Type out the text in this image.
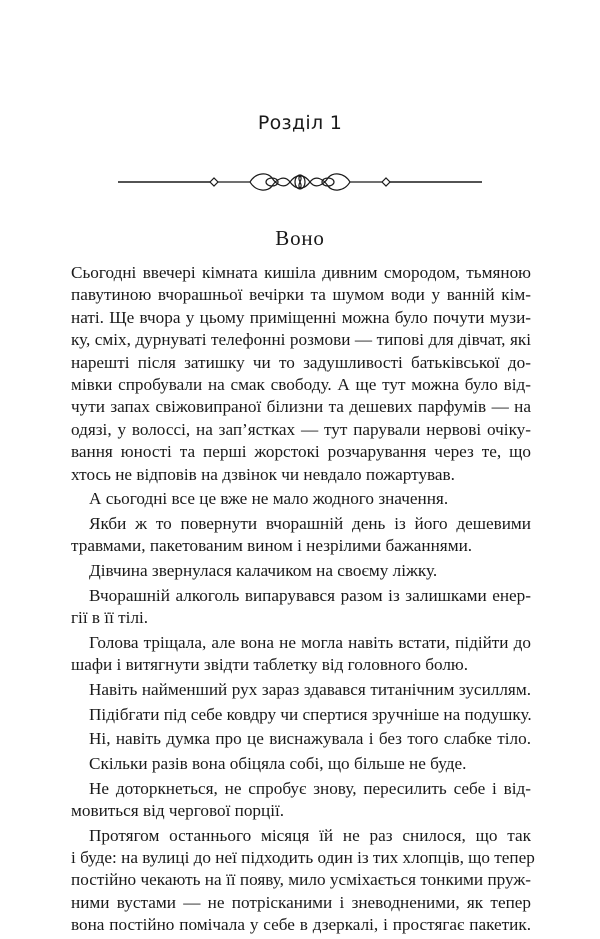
Розділ 1
Воно
Сьогодні ввечері кімната кишіла дивним смородом, тьмяною
павутиною вчорашньої вечірки та шумом води у ванній кім-
наті. Ще вчора у цьому приміщенні можна було почути музи-
ку, сміх, дурнуваті телефонні розмови — типові для дівчат, які
нарешті після затишку чи то задушливості батьківської до-
мівки спробували на смак свободу. А ще тут можна було від-
чути запах свіжовипраної білизни та дешевих парфумів — на
одязі, у волоссі, на зап’ястках — тут парували нервові очіку-
вання юності та перші жорстокі розчарування через те, що
хтось не відповів на дзвінок чи невдало пожартував.
А сьогодні все це вже не мало жодного значення.
Якби ж то повернути вчорашній день із його дешевими
травмами, пакетованим вином і незрілими бажаннями.
Дівчина звернулася калачиком на своєму ліжку.
Вчорашній алкоголь випарувався разом із залишками енер-
гії в її тілі.
Голова тріщала, але вона не могла навіть встати, підійти до
шафи і витягнути звідти таблетку від головного болю.
Навіть найменший рух зараз здавався титанічним зусиллям.
Підібгати під себе ковдру чи спертися зручніше на подушку.
Ні, навіть думка про це виснажувала і без того слабке тіло.
Скільки разів вона обіцяла собі, що більше не буде.
Не доторкнеться, не спробує знову, пересилить себе і від-
мовиться від чергової порції.
Протягом останнього місяця їй не раз снилося, що так
і буде: на вулиці до неї підходить один із тих хлопців, що тепер
постійно чекають на її появу, мило усміхається тонкими пруж-
ними вустами — не потрісканими і зневодненими, як тепер
вона постійно помічала у себе в дзеркалі, і простягає пакетик.
